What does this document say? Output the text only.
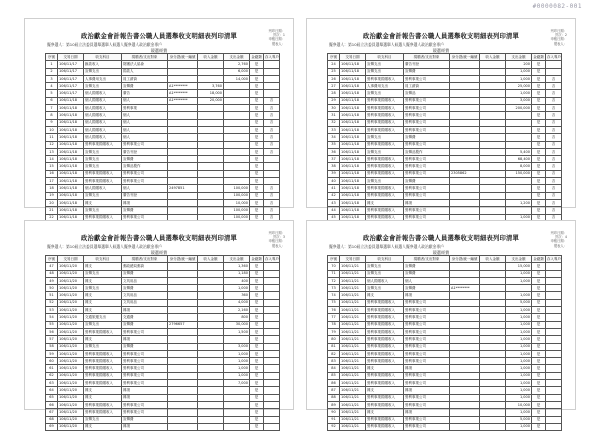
#0000082-001
政治獻金會計報告書公職人員選舉收支明細表列印清單
列印日期：
頁次：1
申報日期：
製表人：
擬參選人：第10屆立法委員選舉選舉人候選人擬參選人政治獻金專戶
競選經費
序號	交易日期	收支科目	捐贈者/支出對象	身分證/統一編號	收入金額	支出金額	金錢類	存入專戶
1	106/11/17	匯款收入	財團法人協會			2,760	是	
2	106/11/17	宣傳支出	捐款人			6,000	是	
3	106/11/17	人事費用支出	員工薪資			14,000	是	
4	106/11/17	宣傳支出	宣傳費	A1********	3,760		是	
5	106/11/17	個人捐贈收入	廣告	A1********	18,000		是	
6	106/11/18	個人捐贈收入	個人	A1********	20,000		是	否
7	106/11/18	個人捐贈收入	營利事業				是	否
8	106/11/18	個人捐贈收入	個人				是	否
9	106/11/18	個人捐贈收入	個人				是	否
10	106/11/18	個人捐贈收入	個人				是	否
11	106/11/18	個人捐贈收入	個人				是	否
12	106/11/18	營利事業捐贈收入	營利事業公司				是	否
13	106/11/18	宣傳支出	廣告刊登				是	否
14	106/11/18	宣傳支出	宣傳費				是	
15	106/11/18	宣傳支出	宣傳品製作				是	
16	106/11/18	營利事業捐贈收入	營利事業公司				是	
17	106/11/18	營利事業捐贈收入	營利事業公司				是	
18	106/11/18	個人捐贈收入	個人	2497851		100,000	是	否
19	106/11/18	宣傳支出	廣告刊登			100,000	是	否
20	106/11/18	雜支	雜項			10,000	是	否
21	106/11/18	宣傳支出	宣傳費			100,000	是	否
22	106/11/18	營利事業捐贈收入	營利事業公司			100,000	是	否

政治獻金會計報告書公職人員選舉收支明細表列印清單
列印日期：
頁次：2
申報日期：
製表人：
擬參選人：第10屆立法委員選舉選舉人候選人擬參選人政治獻金專戶
競選經費
序號	交易日期	收支科目	捐贈者/支出對象	身分證/統一編號	收入金額	支出金額	金錢類	存入專戶
24	106/11/18	宣傳支出	廣告刊登			200	是	
25	106/11/18	宣傳支出	宣傳費			1,000	是	
26	106/11/18	營利事業捐贈收入	營利事業公司			1,000	是	否
27	106/11/18	人事費用支出	員工薪資			25,000	是	否
28	106/11/18	宣傳支出	宣傳品			1,000	是	否
29	106/11/18	營利事業捐贈收入	營利事業公司			3,000	是	否
30	106/11/18	營利事業捐贈收入	營利事業公司			200,000	是	否
31	106/11/18	營利事業捐贈收入	營利事業公司				是	否
32	106/11/18	營利事業捐贈收入	營利事業公司				是	否
33	106/11/18	營利事業捐贈收入	營利事業公司				是	否
34	106/11/18	宣傳支出	宣傳費				是	否
35	106/11/18	營利事業捐贈收入	營利事業公司				是	否
36	106/11/18	宣傳支出	宣傳品製作			5,400	是	否
37	106/11/18	營利事業捐贈收入	營利事業公司			68,400	是	否
38	106/11/18	營利事業捐贈收入	營利事業公司			8,000	是	否
39	106/11/18	營利事業捐贈收入	營利事業公司	2305862		150,000	是	否
40	106/11/18	宣傳支出	宣傳費				是	否
41	106/11/18	營利事業捐贈收入	營利事業公司				是	否
42	106/11/18	營利事業捐贈收入	營利事業公司				是	否
43	106/11/18	雜支	雜項			1,200	是	否
44	106/11/18	營利事業捐贈收入	營利事業公司				是	否
45	106/11/18	營利事業捐贈收入	營利事業公司			1,000	是	否

政治獻金會計報告書公職人員選舉收支明細表列印清單
列印日期：
頁次：3
申報日期：
製表人：
擬參選人：第10屆立法委員選舉選舉人候選人擬參選人政治獻金專戶
競選經費
序號	交易日期	收支科目	捐贈者/支出對象	身分證/統一編號	收入金額	支出金額	金錢類	存入專戶
47	106/11/20	雜支	郵政總局郵資			1,360	是	
48	106/11/20	宣傳支出	宣傳費			1,180	是	
49	106/11/20	雜支	文具用品			400	是	
50	106/11/20	宣傳支出	宣傳費			1,000	是	
51	106/11/20	雜支	文具用品			360	是	
52	106/11/20	雜支	文具用品			4,000	是	
53	106/11/20	雜支	雜項			2,160	是	
54	106/11/20	交通旅運支出	交通費			800	是	
55	106/11/20	宣傳支出	宣傳費	2796657		30,000	是	
56	106/11/20	營利事業捐贈收入	營利事業公司			1,500	是	
57	106/11/20	雜支	雜項				是	
58	106/11/20	宣傳支出	宣傳費			3,000	是	
59	106/11/20	營利事業捐贈收入	營利事業公司			1,000	是	
60	106/11/20	營利事業捐贈收入	營利事業公司			1,000	是	
61	106/11/20	營利事業捐贈收入	營利事業公司			1,000	是	
62	106/11/20	營利事業捐贈收入	營利事業公司			1,000	是	
63	106/11/20	營利事業捐贈收入	營利事業公司			7,000	是	
64	106/11/20	雜支	雜項				是	
65	106/11/20	雜支	雜項				是	
66	106/11/20	營利事業捐贈收入	營利事業公司				是	
67	106/11/20	營利事業捐贈收入	營利事業公司				是	
68	106/11/20	宣傳支出	宣傳費				是	
69	106/11/20	雜支	雜項				是	

政治獻金會計報告書公職人員選舉收支明細表列印清單
列印日期：
頁次：4
申報日期：
製表人：
擬參選人：第10屆立法委員選舉選舉人候選人擬參選人政治獻金專戶
競選經費
序號	交易日期	收支科目	捐贈者/支出對象	身分證/統一編號	收入金額	支出金額	金錢類	存入專戶
70	106/11/21	宣傳支出	宣傳費			15,000	是	
71	106/11/21	宣傳支出	宣傳費			1,000	是	
72	106/11/21	個人捐贈收入	個人			1,000	是	
73	106/11/21	宣傳支出	宣傳費	A1********			是	
74	106/11/21	雜支	雜項			1,000	是	
75	106/11/21	營利事業捐贈收入	營利事業公司			5,000	是	
76	106/11/21	營利事業捐贈收入	營利事業公司			1,000	是	
77	106/11/21	營利事業捐贈收入	營利事業公司			1,000	是	
78	106/11/21	營利事業捐贈收入	營利事業公司			1,000	是	
79	106/11/21	營利事業捐贈收入	營利事業公司			1,000	是	
80	106/11/21	營利事業捐贈收入	營利事業公司			1,000	是	
81	106/11/21	營利事業捐贈收入	營利事業公司			1,000	是	
82	106/11/21	營利事業捐贈收入	營利事業公司			1,000	是	
83	106/11/21	營利事業捐贈收入	營利事業公司			1,000	是	
84	106/11/21	雜支	雜項			1,000	是	
85	106/11/21	營利事業捐贈收入	營利事業公司			1,000	是	
86	106/11/21	營利事業捐贈收入	營利事業公司			1,000	是	
87	106/11/21	雜支	雜項			1,000	是	
88	106/11/21	營利事業捐贈收入	營利事業公司			1,000	是	
89	106/11/21	營利事業捐贈收入	營利事業公司			10,000	是	
90	106/11/21	雜支	雜項			1,000	是	
91	106/11/21	營利事業捐贈收入	營利事業公司			5,000	是	
92	106/11/21	營利事業捐贈收入	營利事業公司			1,000	是	
